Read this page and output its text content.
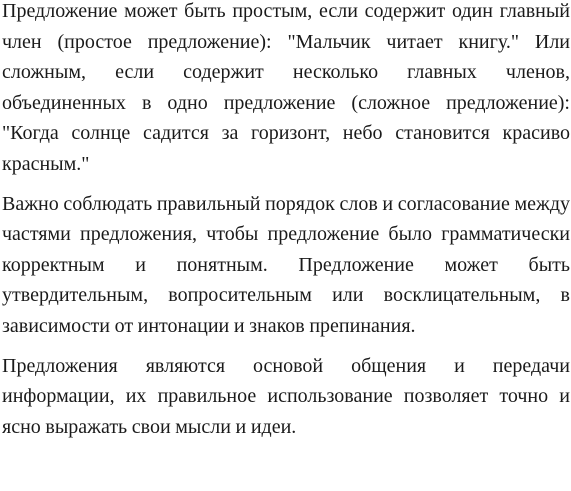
Предложение может быть простым, если содержит один главный член (простое предложение): "Мальчик читает книгу." Или сложным, если содержит несколько главных членов, объединенных в одно предложение (сложное предложение): "Когда солнце садится за горизонт, небо становится красиво красным."

Важно соблюдать правильный порядок слов и согласование между частями предложения, чтобы предложение было грамматически корректным и понятным. Предложение может быть утвердительным, вопросительным или восклицательным, в зависимости от интонации и знаков препинания.

Предложения являются основой общения и передачи информации, их правильное использование позволяет точно и ясно выражать свои мысли и идеи.
